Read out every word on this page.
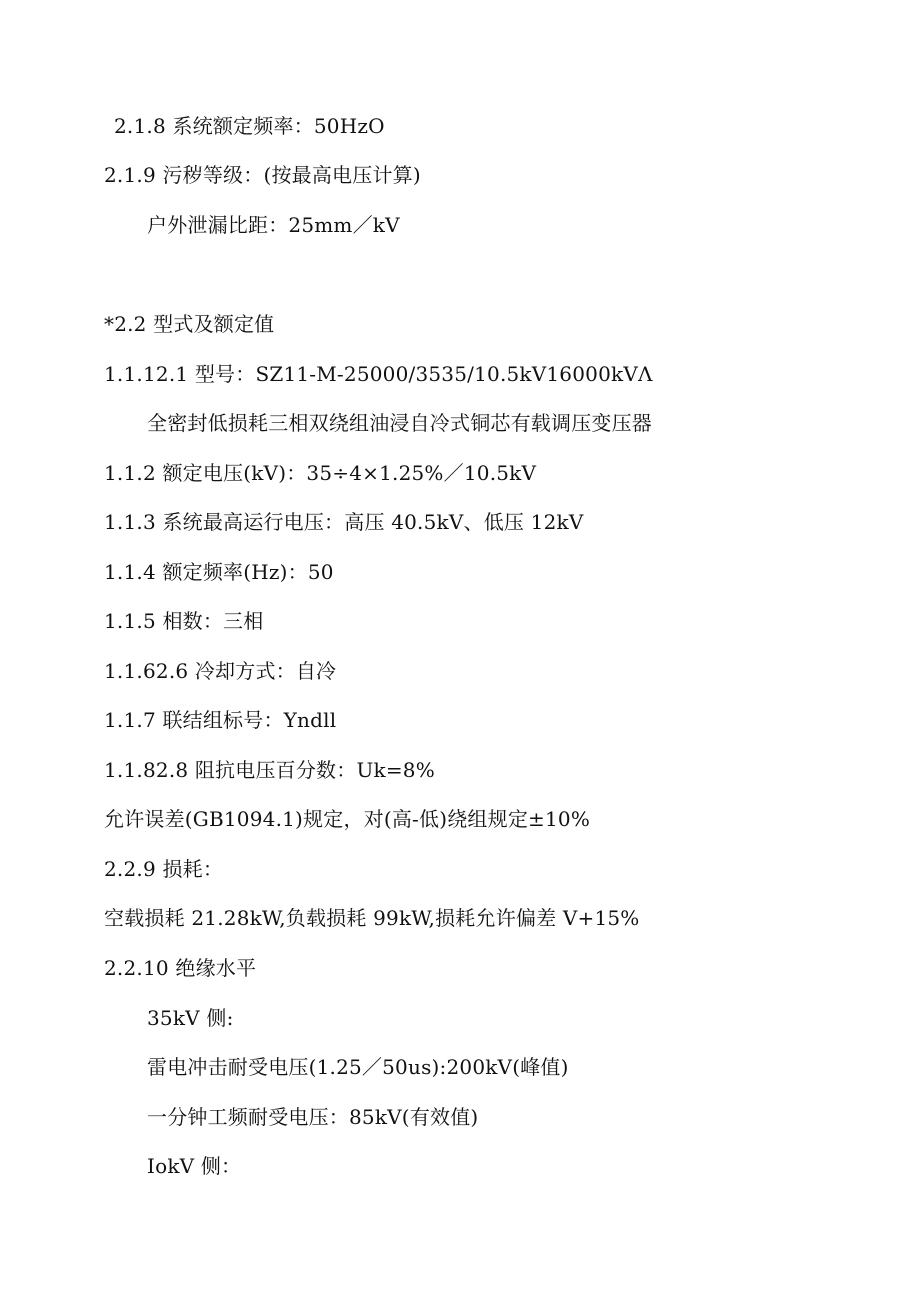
2.1.8 系统额定频率：50HzO
2.1.9 污秽等级：(按最高电压计算)
户外泄漏比距：25mm／kV
*2.2 型式及额定值
1.1.12.1 型号：SZ11-M-25000/3535/10.5kV16000kVΛ
全密封低损耗三相双绕组油浸自冷式铜芯有载调压变压器
1.1.2 额定电压(kV)：35÷4×1.25%／10.5kV
1.1.3 系统最高运行电压：高压 40.5kV、低压 12kV
1.1.4 额定频率(Hz)：50
1.1.5 相数：三相
1.1.62.6 冷却方式：自冷
1.1.7 联结组标号：Yndll
1.1.82.8 阻抗电压百分数：Uk=8%
允许误差(GB1094.1)规定，对(高-低)绕组规定±10%
2.2.9 损耗：
空载损耗 21.28kW,负载损耗 99kW,损耗允许偏差 V+15%
2.2.10 绝缘水平
35kV 侧:
雷电冲击耐受电压(1.25／50us):200kV(峰值)
一分钟工频耐受电压：85kV(有效值)
IokV 侧：
